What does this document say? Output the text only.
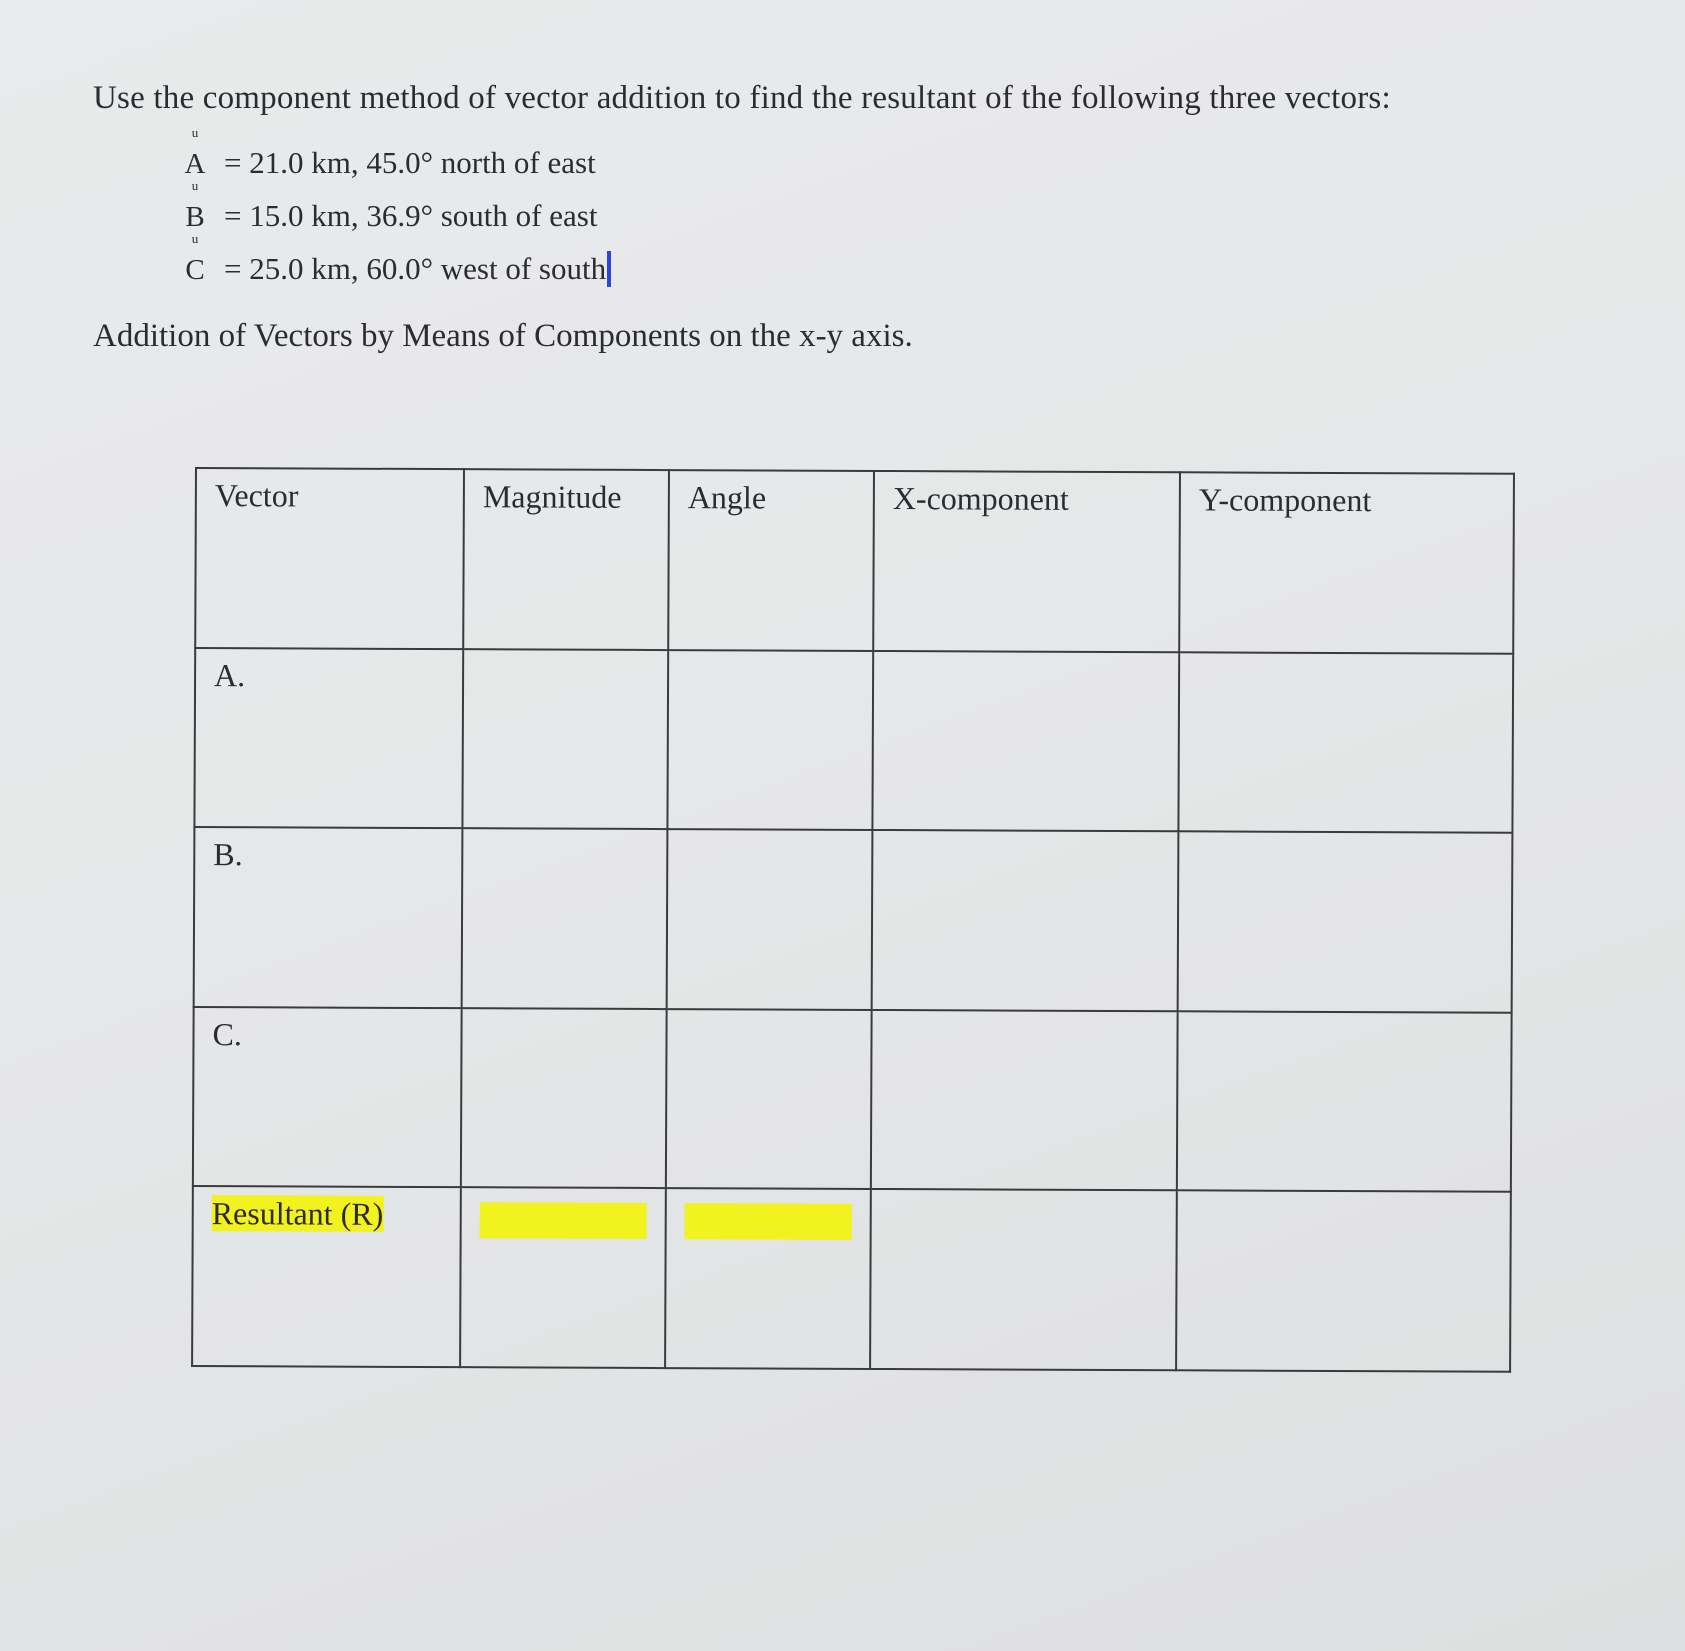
Use the component method of vector addition to find the resultant of the following three vectors:
u
A = 21.0 km, 45.0° north of east
u
B = 15.0 km, 36.9° south of east
u
C = 25.0 km, 60.0° west of south
Addition of Vectors by Means of Components on the x-y axis.
Vector	Magnitude	Angle	X-component	Y-component
A.				
B.				
C.				
Resultant (R)	
